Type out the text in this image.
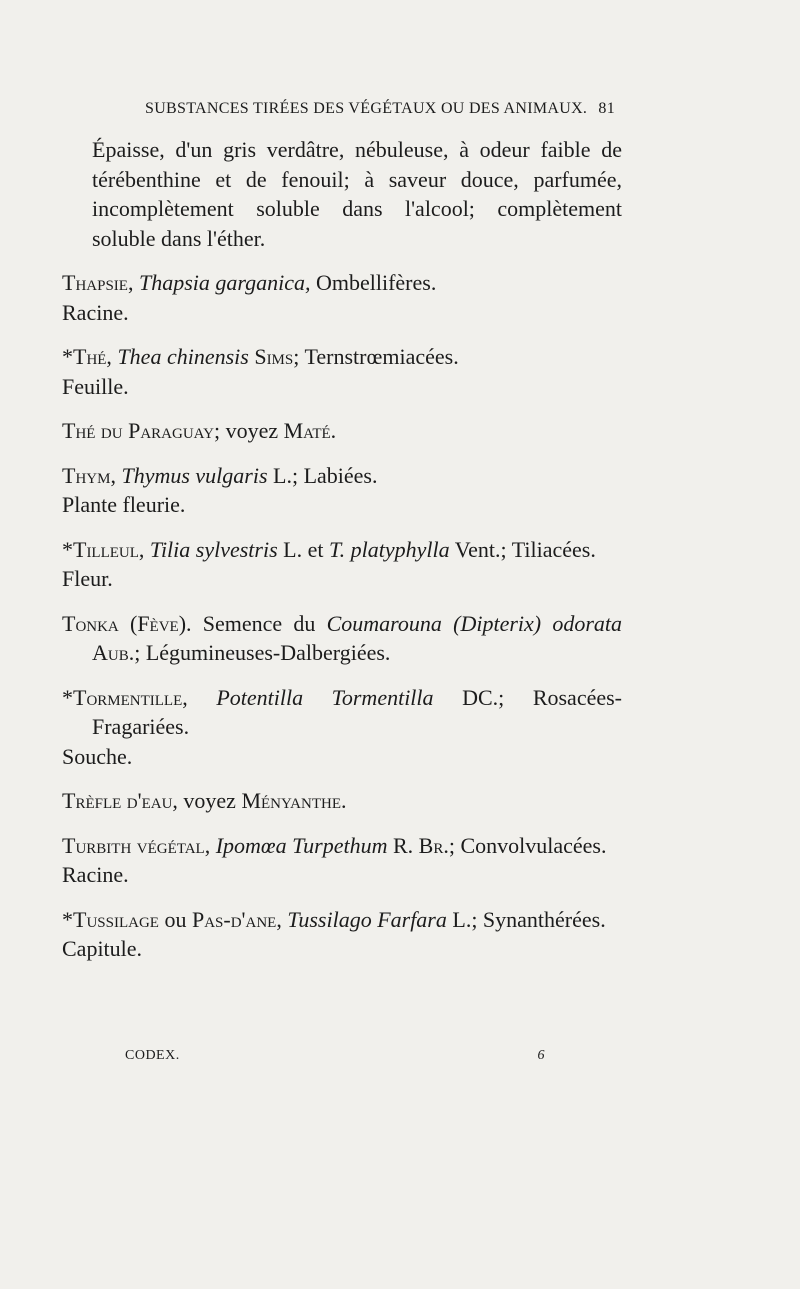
SUBSTANCES TIRÉES DES VÉGÉTAUX OU DES ANIMAUX. 81
Épaisse, d'un gris verdâtre, nébuleuse, à odeur faible de térébenthine et de fenouil; à saveur douce, parfumée, incomplètement soluble dans l'alcool; complètement soluble dans l'éther.
Thapsie, Thapsia garganica, Ombellifères.
Racine.
*Thé, Thea chinensis Sims; Ternstrœmiacées.
Feuille.
Thé du Paraguay; voyez Maté.
Thym, Thymus vulgaris L.; Labiées.
Plante fleurie.
*Tilleul, Tilia sylvestris L. et T. platyphylla Vent.; Tiliacées.
Fleur.
Tonka (Fève). Semence du Coumarouna (Dipterix) odorata Aub.; Légumineuses-Dalbergiées.
*Tormentille, Potentilla Tormentilla DC.; Rosacées-Fragariées.
Souche.
Trèfle d'eau, voyez Ményanthe.
Turbith végétal, Ipomœa Turpethum R. Br.; Convolvulacées.
Racine.
*Tussilage ou Pas-d'ane, Tussilago Farfara L.; Synanthérées.
Capitule.
CODEX.	6
